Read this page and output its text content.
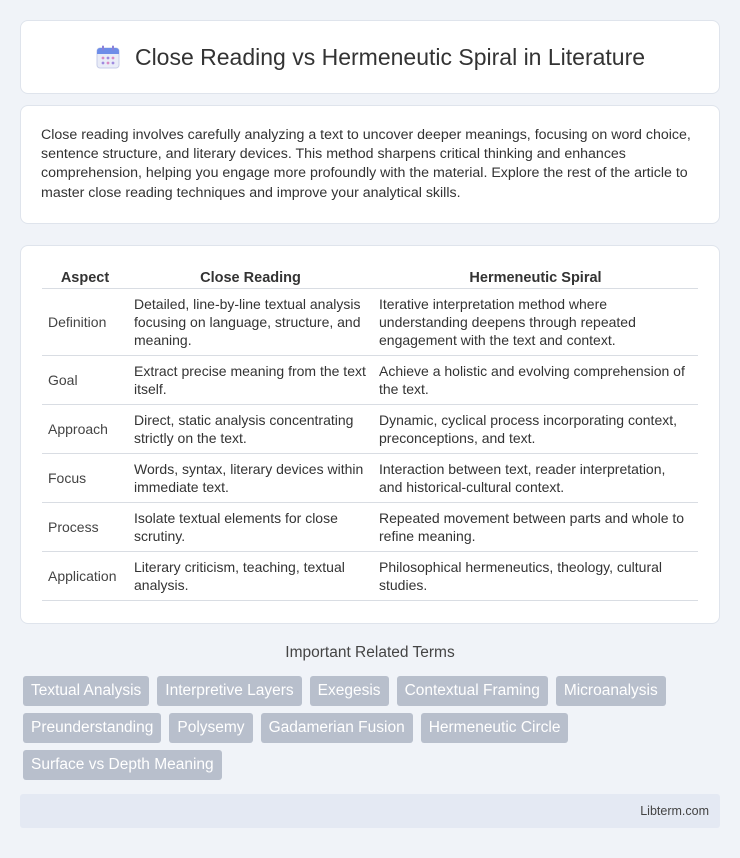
Close Reading vs Hermeneutic Spiral in Literature

Close reading involves carefully analyzing a text to uncover deeper meanings, focusing on word choice, sentence structure, and literary devices. This method sharpens critical thinking and enhances comprehension, helping you engage more profoundly with the material. Explore the rest of the article to master close reading techniques and improve your analytical skills.

Aspect	Close Reading	Hermeneutic Spiral
Definition	Detailed, line-by-line textual analysis focusing on language, structure, and meaning.	Iterative interpretation method where understanding deepens through repeated engagement with the text and context.
Goal	Extract precise meaning from the text itself.	Achieve a holistic and evolving comprehension of the text.
Approach	Direct, static analysis concentrating strictly on the text.	Dynamic, cyclical process incorporating context, preconceptions, and text.
Focus	Words, syntax, literary devices within immediate text.	Interaction between text, reader interpretation, and historical-cultural context.
Process	Isolate textual elements for close scrutiny.	Repeated movement between parts and whole to refine meaning.
Application	Literary criticism, teaching, textual analysis.	Philosophical hermeneutics, theology, cultural studies.
Important Related Terms
Textual Analysis	Interpretive Layers	Exegesis	Contextual Framing	Microanalysis
Preunderstanding	Polysemy	Gadamerian Fusion	Hermeneutic Circle
Surface vs Depth Meaning
Libterm.com
